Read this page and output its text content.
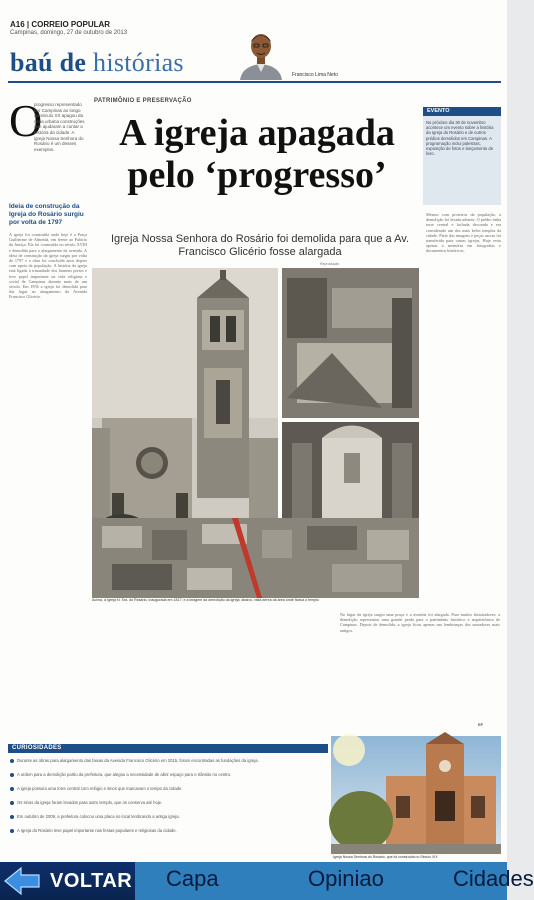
A16 | CORREIO POPULAR
Campinas, domingo, 27 de outubro de 2013
baú de histórias	Francisco Lima Neto
PATRIMÔNIO E PRESERVAÇÃO
A igreja apagada
pelo ‘progresso’
Igreja Nossa Senhora do Rosário foi demolida para que a Av. Francisco Glicério fosse alargada
O
progresso representado por Campinas ao longo do século XX apagou da cena urbana construções que ajudaram a contar a história da cidade. A igreja Nossa Senhora do Rosário é um desses exemplos.
Ideia de construção da Igreja do Rosário surgiu por volta de 1797
A igreja foi construída onde hoje é a Praça Guilherme de Almeida, em frente ao Palácio da Justiça. Ela foi construída no século XVIII e demolida para o alargamento da avenida. A ideia de construção da igreja surgiu por volta de 1797 e a obra foi concluída anos depois com apoio da população. A história da igreja está ligada à irmandade dos homens pretos e teve papel importante na vida religiosa e social de Campinas durante mais de um século. Em 1956 a igreja foi demolida para dar lugar ao alargamento da Avenida Francisco Glicério.
Mesmo com protestos da população, a demolição foi levada adiante. O prédio tinha torre central e fachada decorada e era considerado um dos mais belos templos da cidade. Parte das imagens e peças sacras foi transferida para outras igrejas. Hoje resta apenas a memória em fotografias e documentos históricos.
No lugar da igreja surgiu uma praça e a avenida foi alargada. Para muitos historiadores, a demolição representou uma grande perda para o patrimônio histórico e arquitetônico de Campinas. Depois de demolida, a igreja ficou apenas nas lembranças dos moradores mais antigos.
EVENTO
No próximo dia 30 de novembro acontece um evento sobre a história da Igreja do Rosário e de outros prédios demolidos em Campinas. A programação inclui palestras, exposição de fotos e lançamento de livro.
Reprodução
Acima, a Igreja N. Sra. do Rosário, inaugurada em 1817; e a imagem da demolição da igreja; abaixo, vista aérea da área onde ficava o templo
CURIOSIDADES
Durante as obras para alargamento das faixas da Avenida Francisco Glicério em 2015, foram encontradas as fundações da igreja.
A ordem para a demolição partiu da prefeitura, que alegou a necessidade de abrir espaço para o trânsito no centro.
A igreja possuía uma torre central com relógio e sinos que marcavam o tempo da cidade.
Os sinos da igreja foram levados para outro templo, que os conserva até hoje.
Em outubro de 2009, a prefeitura colocou uma placa no local lembrando a antiga igreja.
A Igreja do Rosário teve papel importante nas festas populares e religiosas da cidade.
Igreja Nossa Senhora do Rosário, que foi construída no Século XIX
EF
VOLTAR Capa	Opiniao	Cidades
